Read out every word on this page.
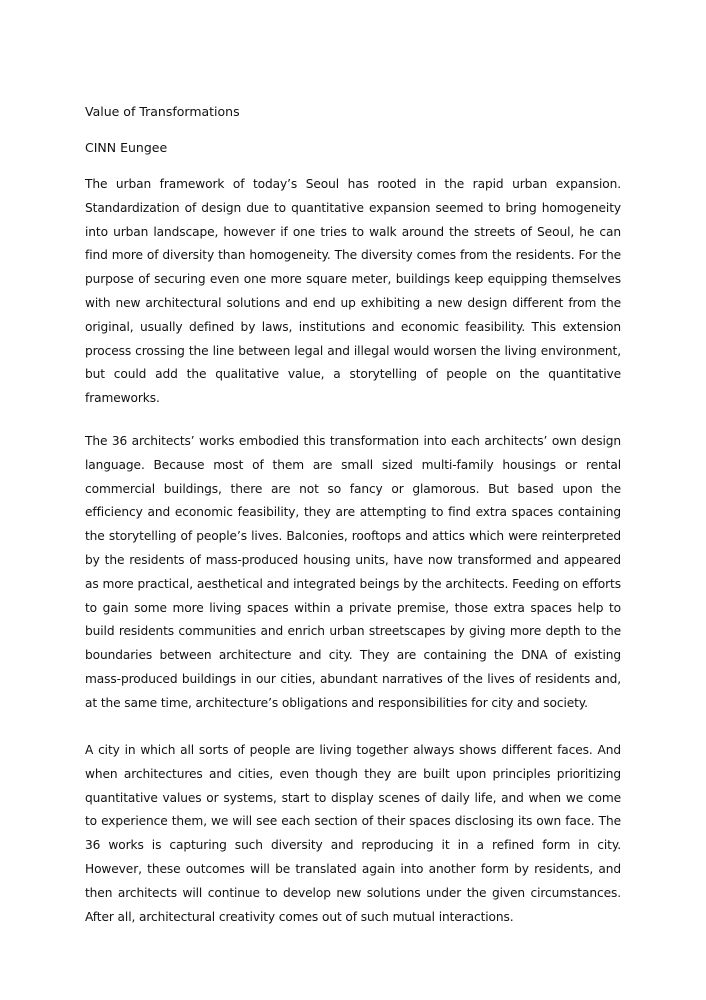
Value of Transformations

CINN Eungee

The urban framework of today’s Seoul has rooted in the rapid urban expansion. Standardization of design due to quantitative expansion seemed to bring homogeneity into urban landscape, however if one tries to walk around the streets of Seoul, he can find more of diversity than homogeneity. The diversity comes from the residents. For the purpose of securing even one more square meter, buildings keep equipping themselves with new architectural solutions and end up exhibiting a new design different from the original, usually defined by laws, institutions and economic feasibility. This extension process crossing the line between legal and illegal would worsen the living environment, but could add the qualitative value, a storytelling of people on the quantitative frameworks.

The 36 architects’ works embodied this transformation into each architects’ own design language. Because most of them are small sized multi-family housings or rental commercial buildings, there are not so fancy or glamorous. But based upon the efficiency and economic feasibility, they are attempting to find extra spaces containing the storytelling of people’s lives. Balconies, rooftops and attics which were reinterpreted by the residents of mass-produced housing units, have now transformed and appeared as more practical, aesthetical and integrated beings by the architects. Feeding on efforts to gain some more living spaces within a private premise, those extra spaces help to build residents communities and enrich urban streetscapes by giving more depth to the boundaries between architecture and city. They are containing the DNA of existing mass-produced buildings in our cities, abundant narratives of the lives of residents and, at the same time, architecture’s obligations and responsibilities for city and society.

A city in which all sorts of people are living together always shows different faces. And when architectures and cities, even though they are built upon principles prioritizing quantitative values or systems, start to display scenes of daily life, and when we come to experience them, we will see each section of their spaces disclosing its own face. The 36 works is capturing such diversity and reproducing it in a refined form in city. However, these outcomes will be translated again into another form by residents, and then architects will continue to develop new solutions under the given circumstances. After all, architectural creativity comes out of such mutual interactions.
